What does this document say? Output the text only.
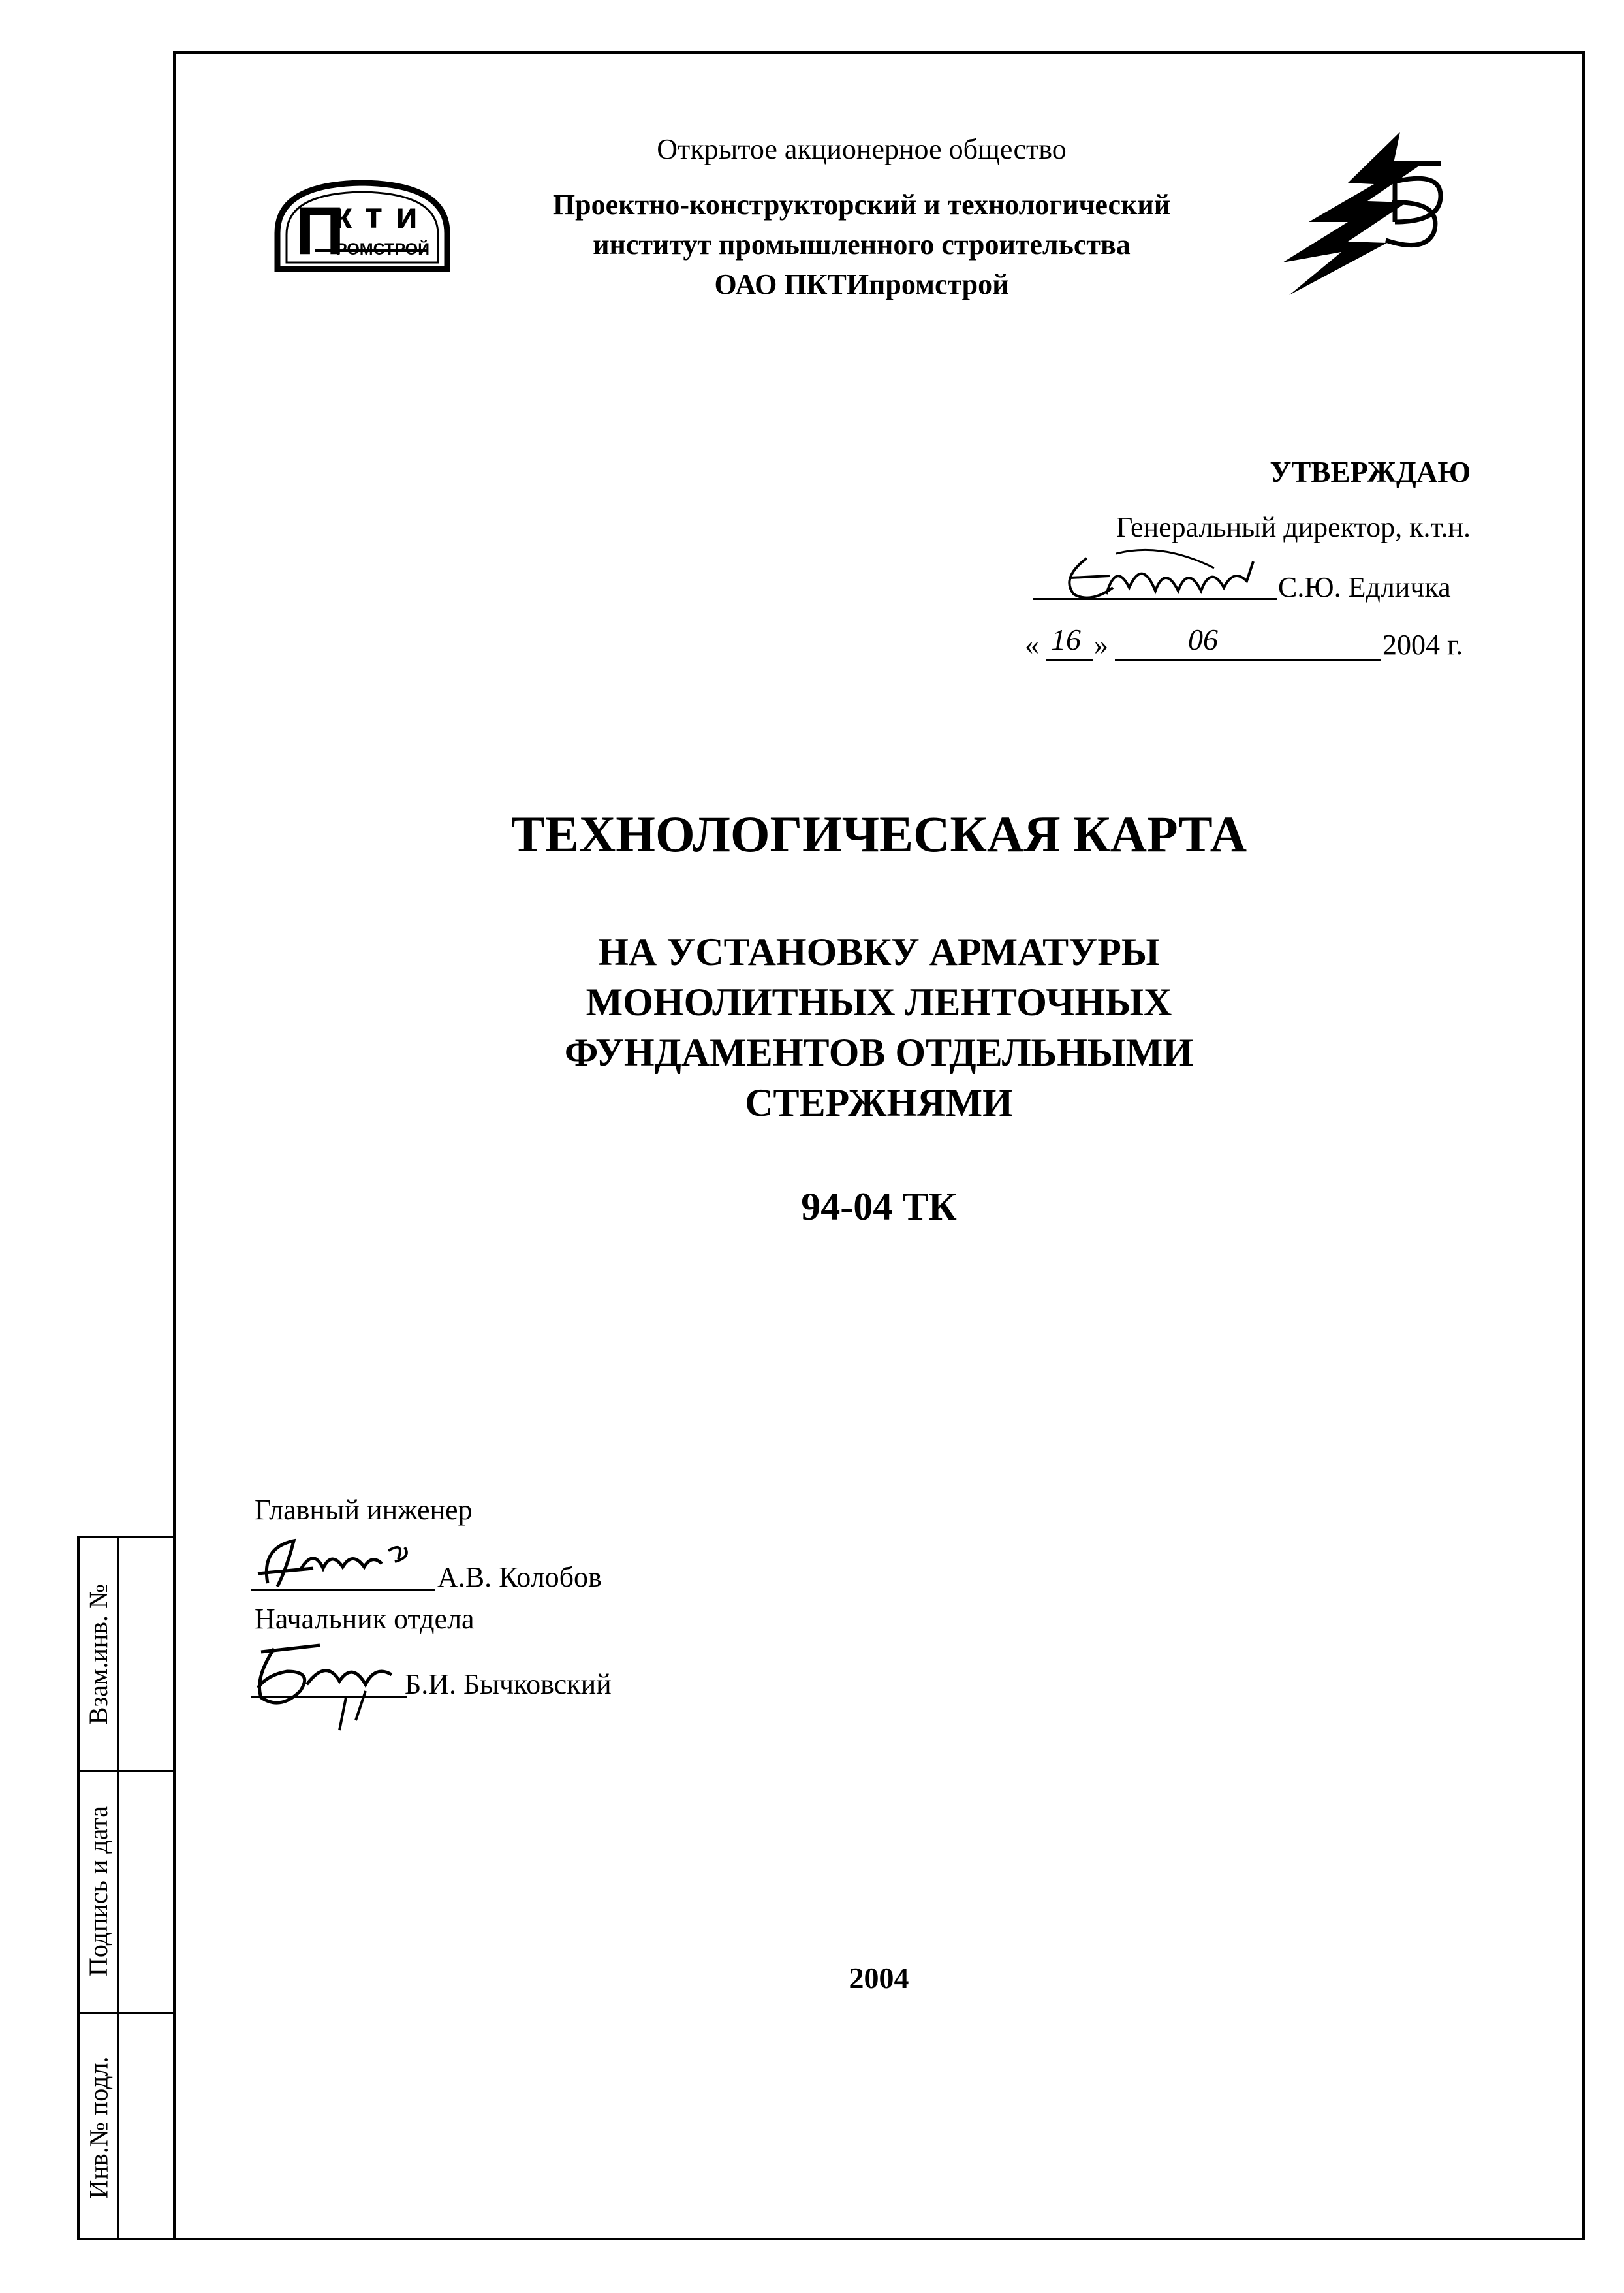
Взам.инв. №
Подпись и дата
Инв.№ подл.
П
к т и
РОМСТРОЙ
Открытое акционерное общество
Проектно-конструкторский и технологический
институт промышленного строительства
ОАО ПКТИпромстрой
УТВЕРЖДАЮ
Генеральный директор, к.т.н.
С.Ю. Едличка
« 16 »	06	2004 г.
ТЕХНОЛОГИЧЕСКАЯ КАРТА
НА УСТАНОВКУ АРМАТУРЫ
МОНОЛИТНЫХ ЛЕНТОЧНЫХ
ФУНДАМЕНТОВ ОТДЕЛЬНЫМИ
СТЕРЖНЯМИ
94-04 ТК
Главный инженер
А.В. Колобов
Начальник отдела
Б.И. Бычковский
2004
